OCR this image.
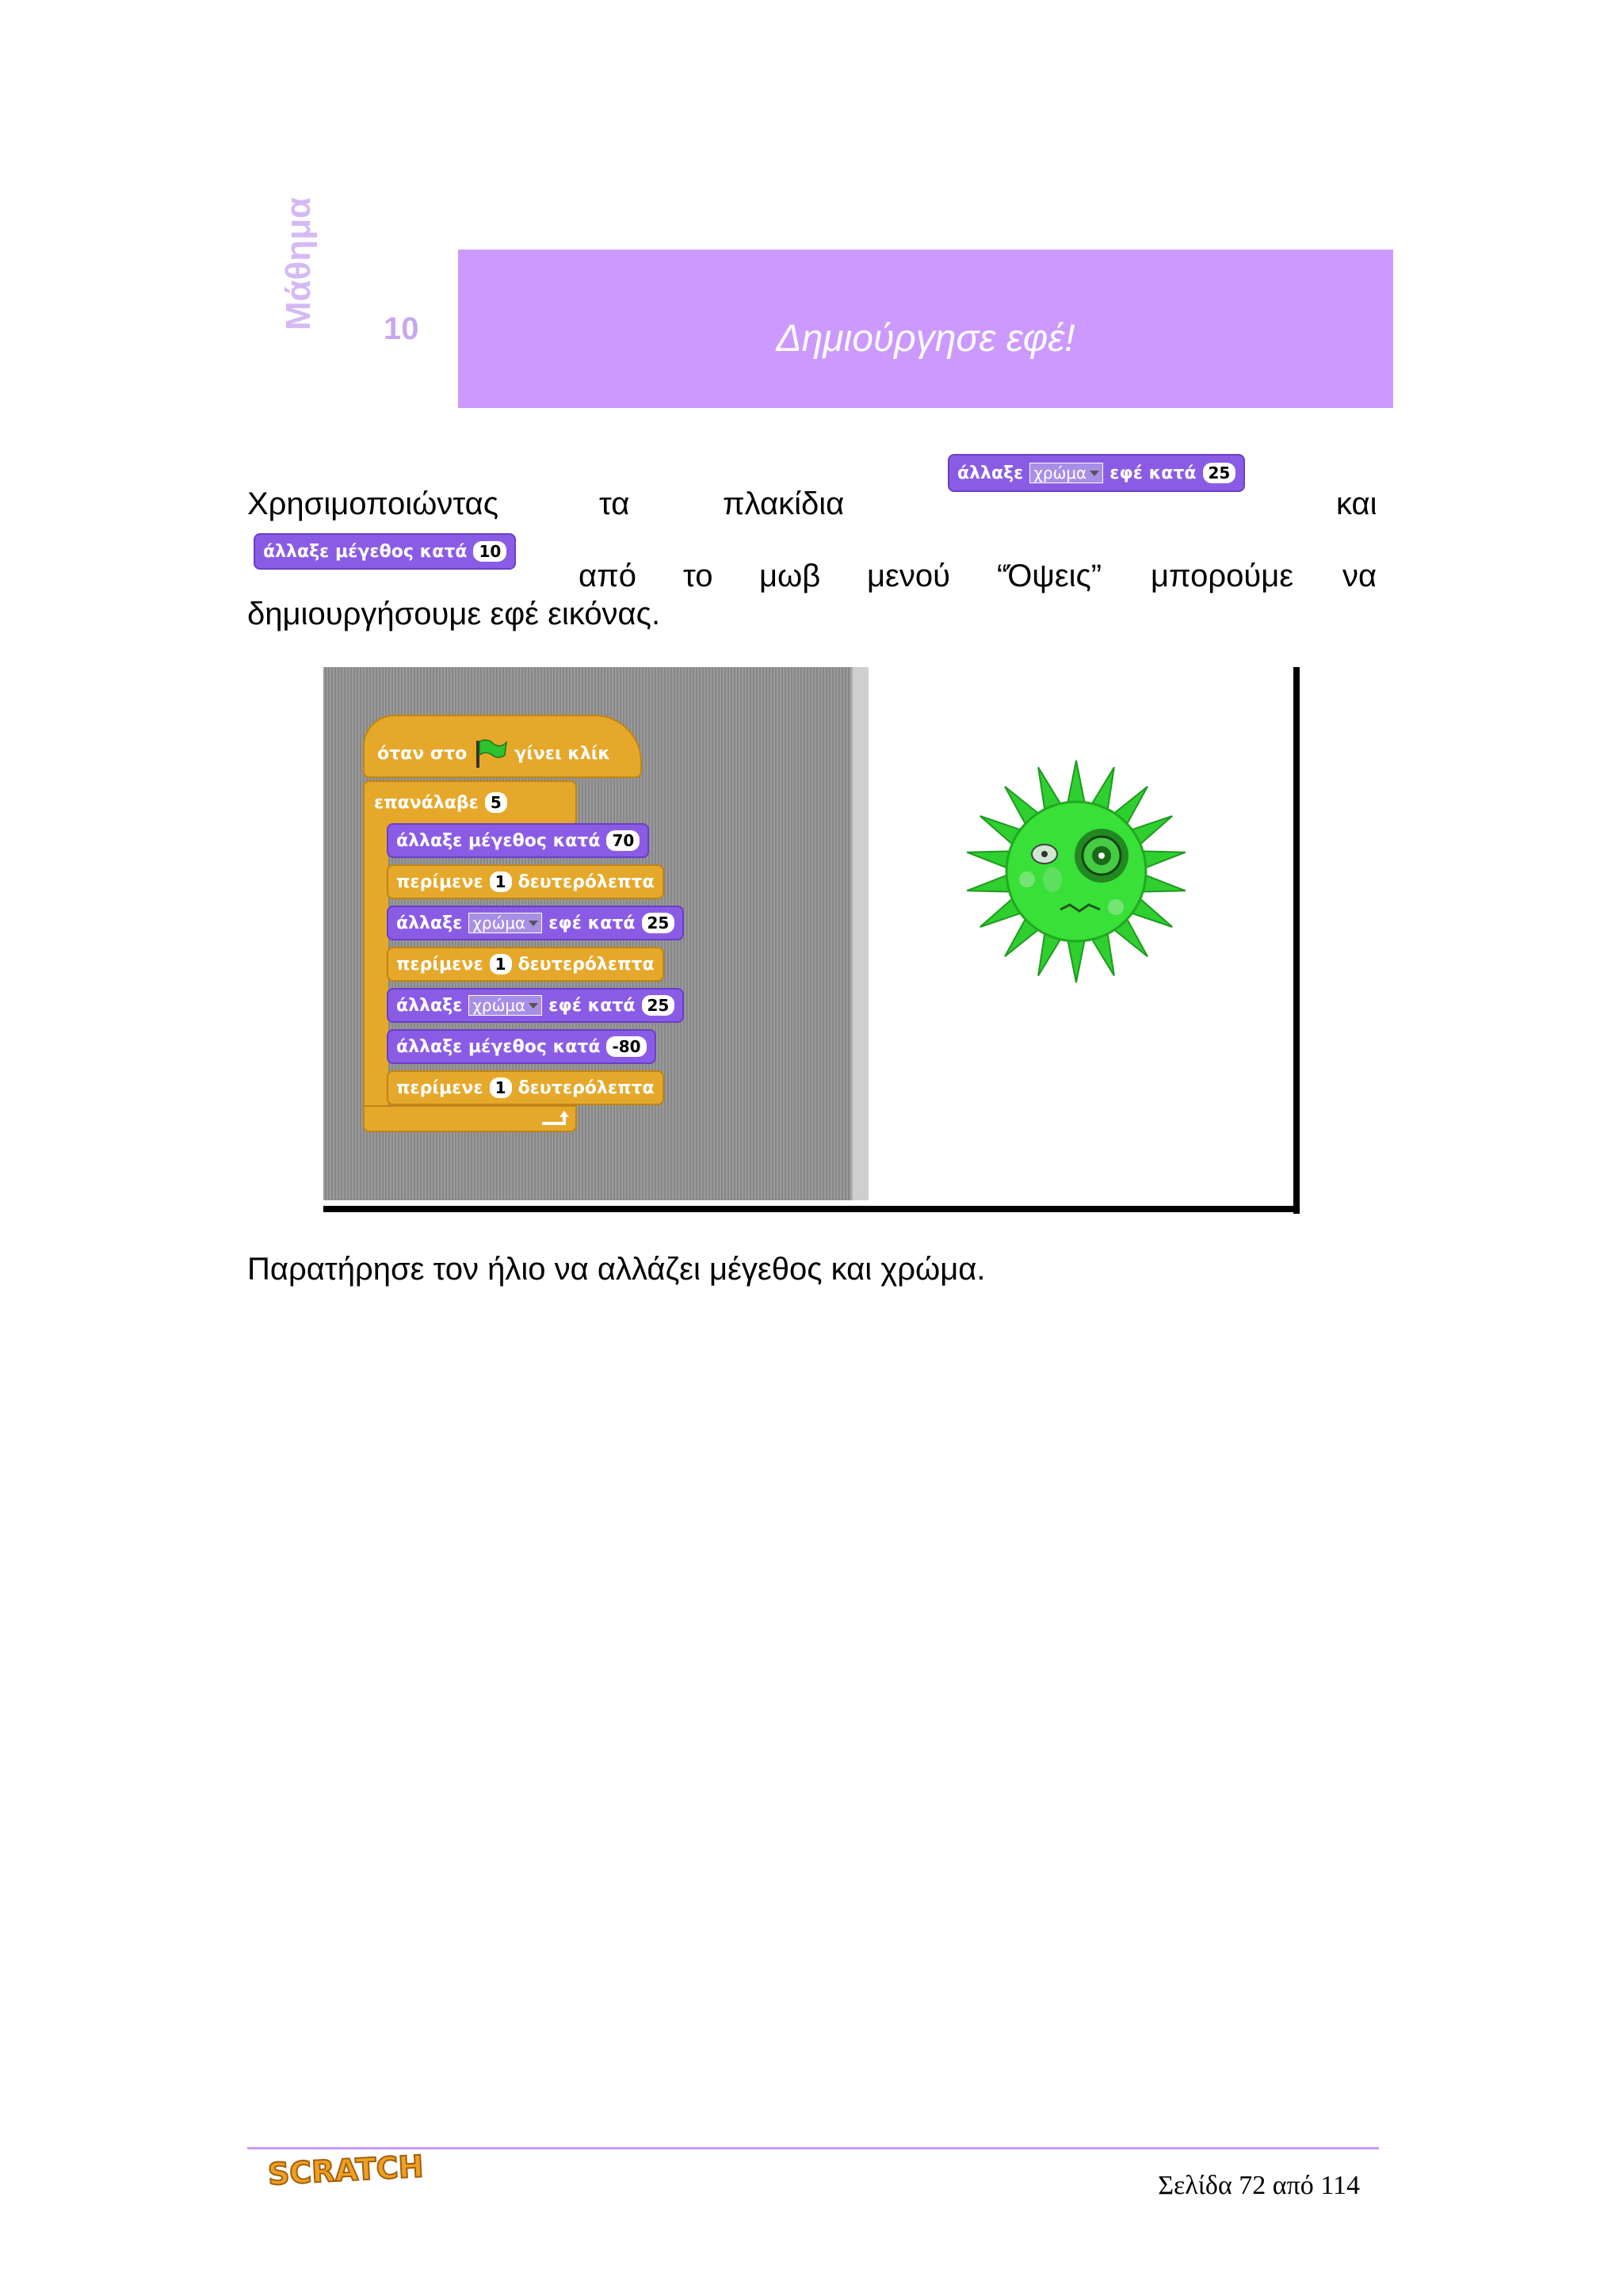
Μάθημα 10	Δημιούργησε εφέ!
Χρησιμοποιώντας	τα	πλακίδια	και
άλλαξε χρώμα εφέ κατά 25
άλλαξε μέγεθος κατά 10
από το μωβ μενού “Όψεις” μπορούμε να
δημιουργήσουμε εφέ εικόνας.
όταν στο	γίνει κλίκ
επανάλαβε 5
άλλαξε μέγεθος κατά 70
περίμενε 1 δευτερόλεπτα
άλλαξε χρώμα εφέ κατά 25
περίμενε 1 δευτερόλεπτα
άλλαξε χρώμα εφέ κατά 25
άλλαξε μέγεθος κατά -80
περίμενε 1 δευτερόλεπτα
Παρατήρησε τον ήλιο να αλλάζει μέγεθος και χρώμα.
SCRATCH	Σελίδα 72 από 114
